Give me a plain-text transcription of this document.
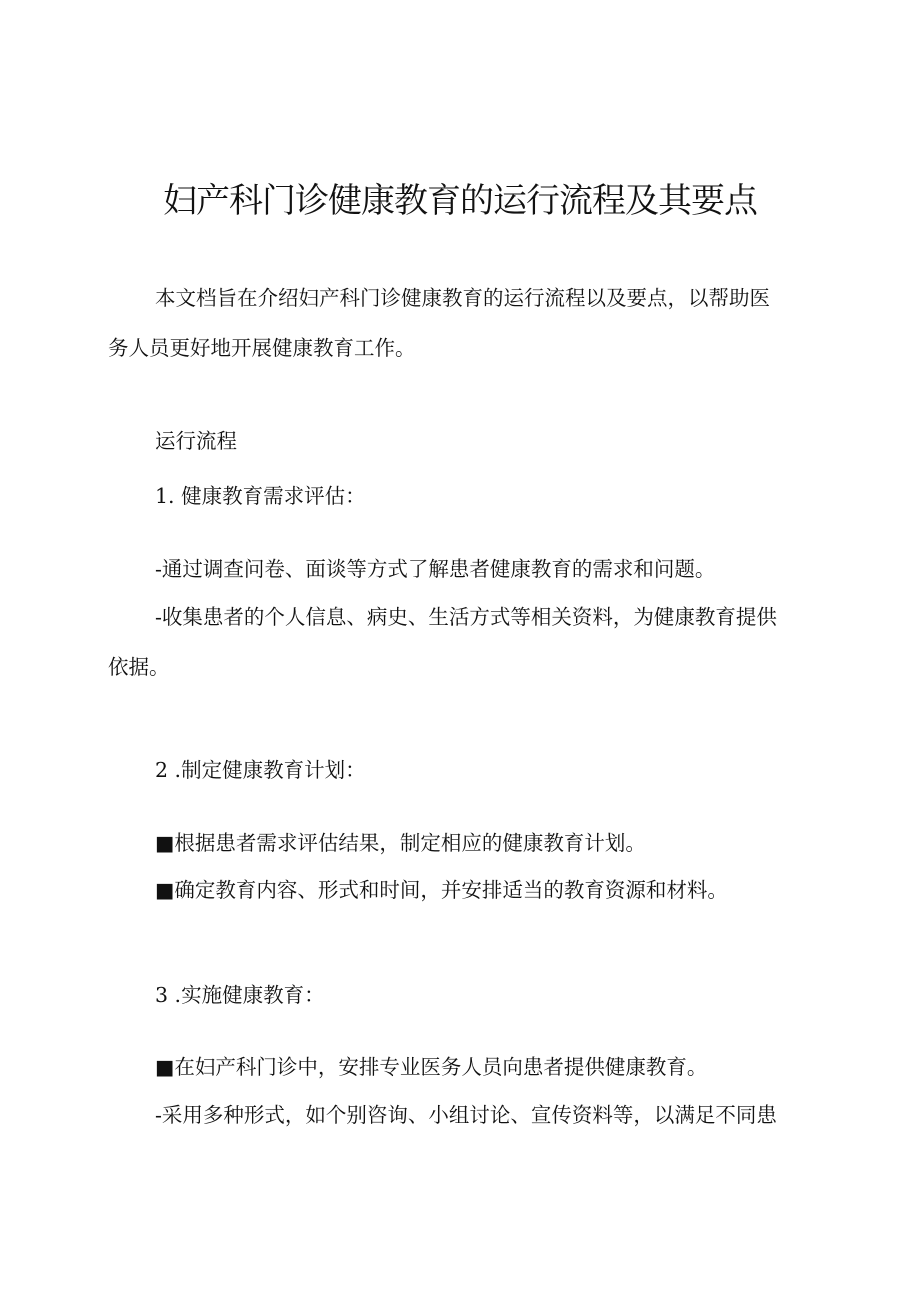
妇产科门诊健康教育的运行流程及其要点

本文档旨在介绍妇产科门诊健康教育的运行流程以及要点，以帮助医

务人员更好地开展健康教育工作。

运行流程

1. 健康教育需求评估：

-通过调查问卷、面谈等方式了解患者健康教育的需求和问题。

-收集患者的个人信息、病史、生活方式等相关资料，为健康教育提供

依据。

2 .制定健康教育计划：

■根据患者需求评估结果，制定相应的健康教育计划。

■确定教育内容、形式和时间，并安排适当的教育资源和材料。

3 .实施健康教育：

■在妇产科门诊中，安排专业医务人员向患者提供健康教育。

-采用多种形式，如个别咨询、小组讨论、宣传资料等，以满足不同患
